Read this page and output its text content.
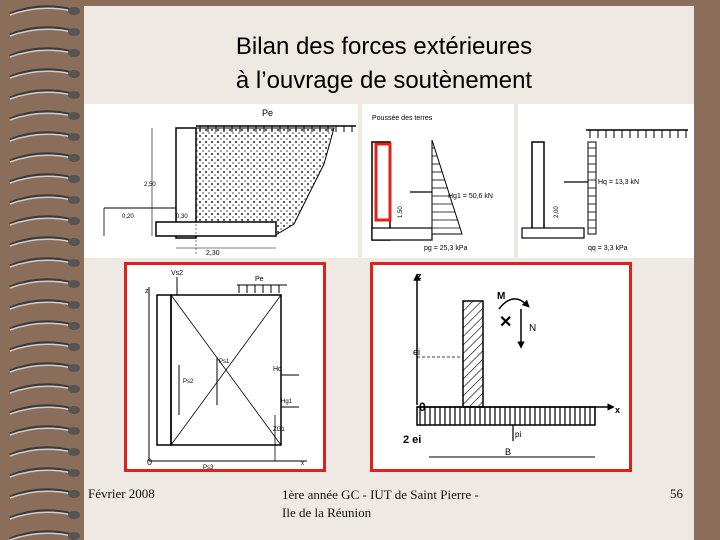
Bilan des forces extérieures
à l’ouvrage de soutènement
Pe
2,50
0,30
0,20
2,30
Poussée des terres
Hg1 = 50,6 kN
1,50
pg = 25,3 kPa
Hq = 13,3 kN
2,00
qq = 3,3 kPa
z
Vs2
Pe
Ps1
Ps2
Hq
Hg1
ZG1
0
Ps3
x
z
M
✕ N
x
ei
0
2 ei	pi
B
Février 2008	1ère année GC - IUT de Saint Pierre -
Ile de la Réunion
56
